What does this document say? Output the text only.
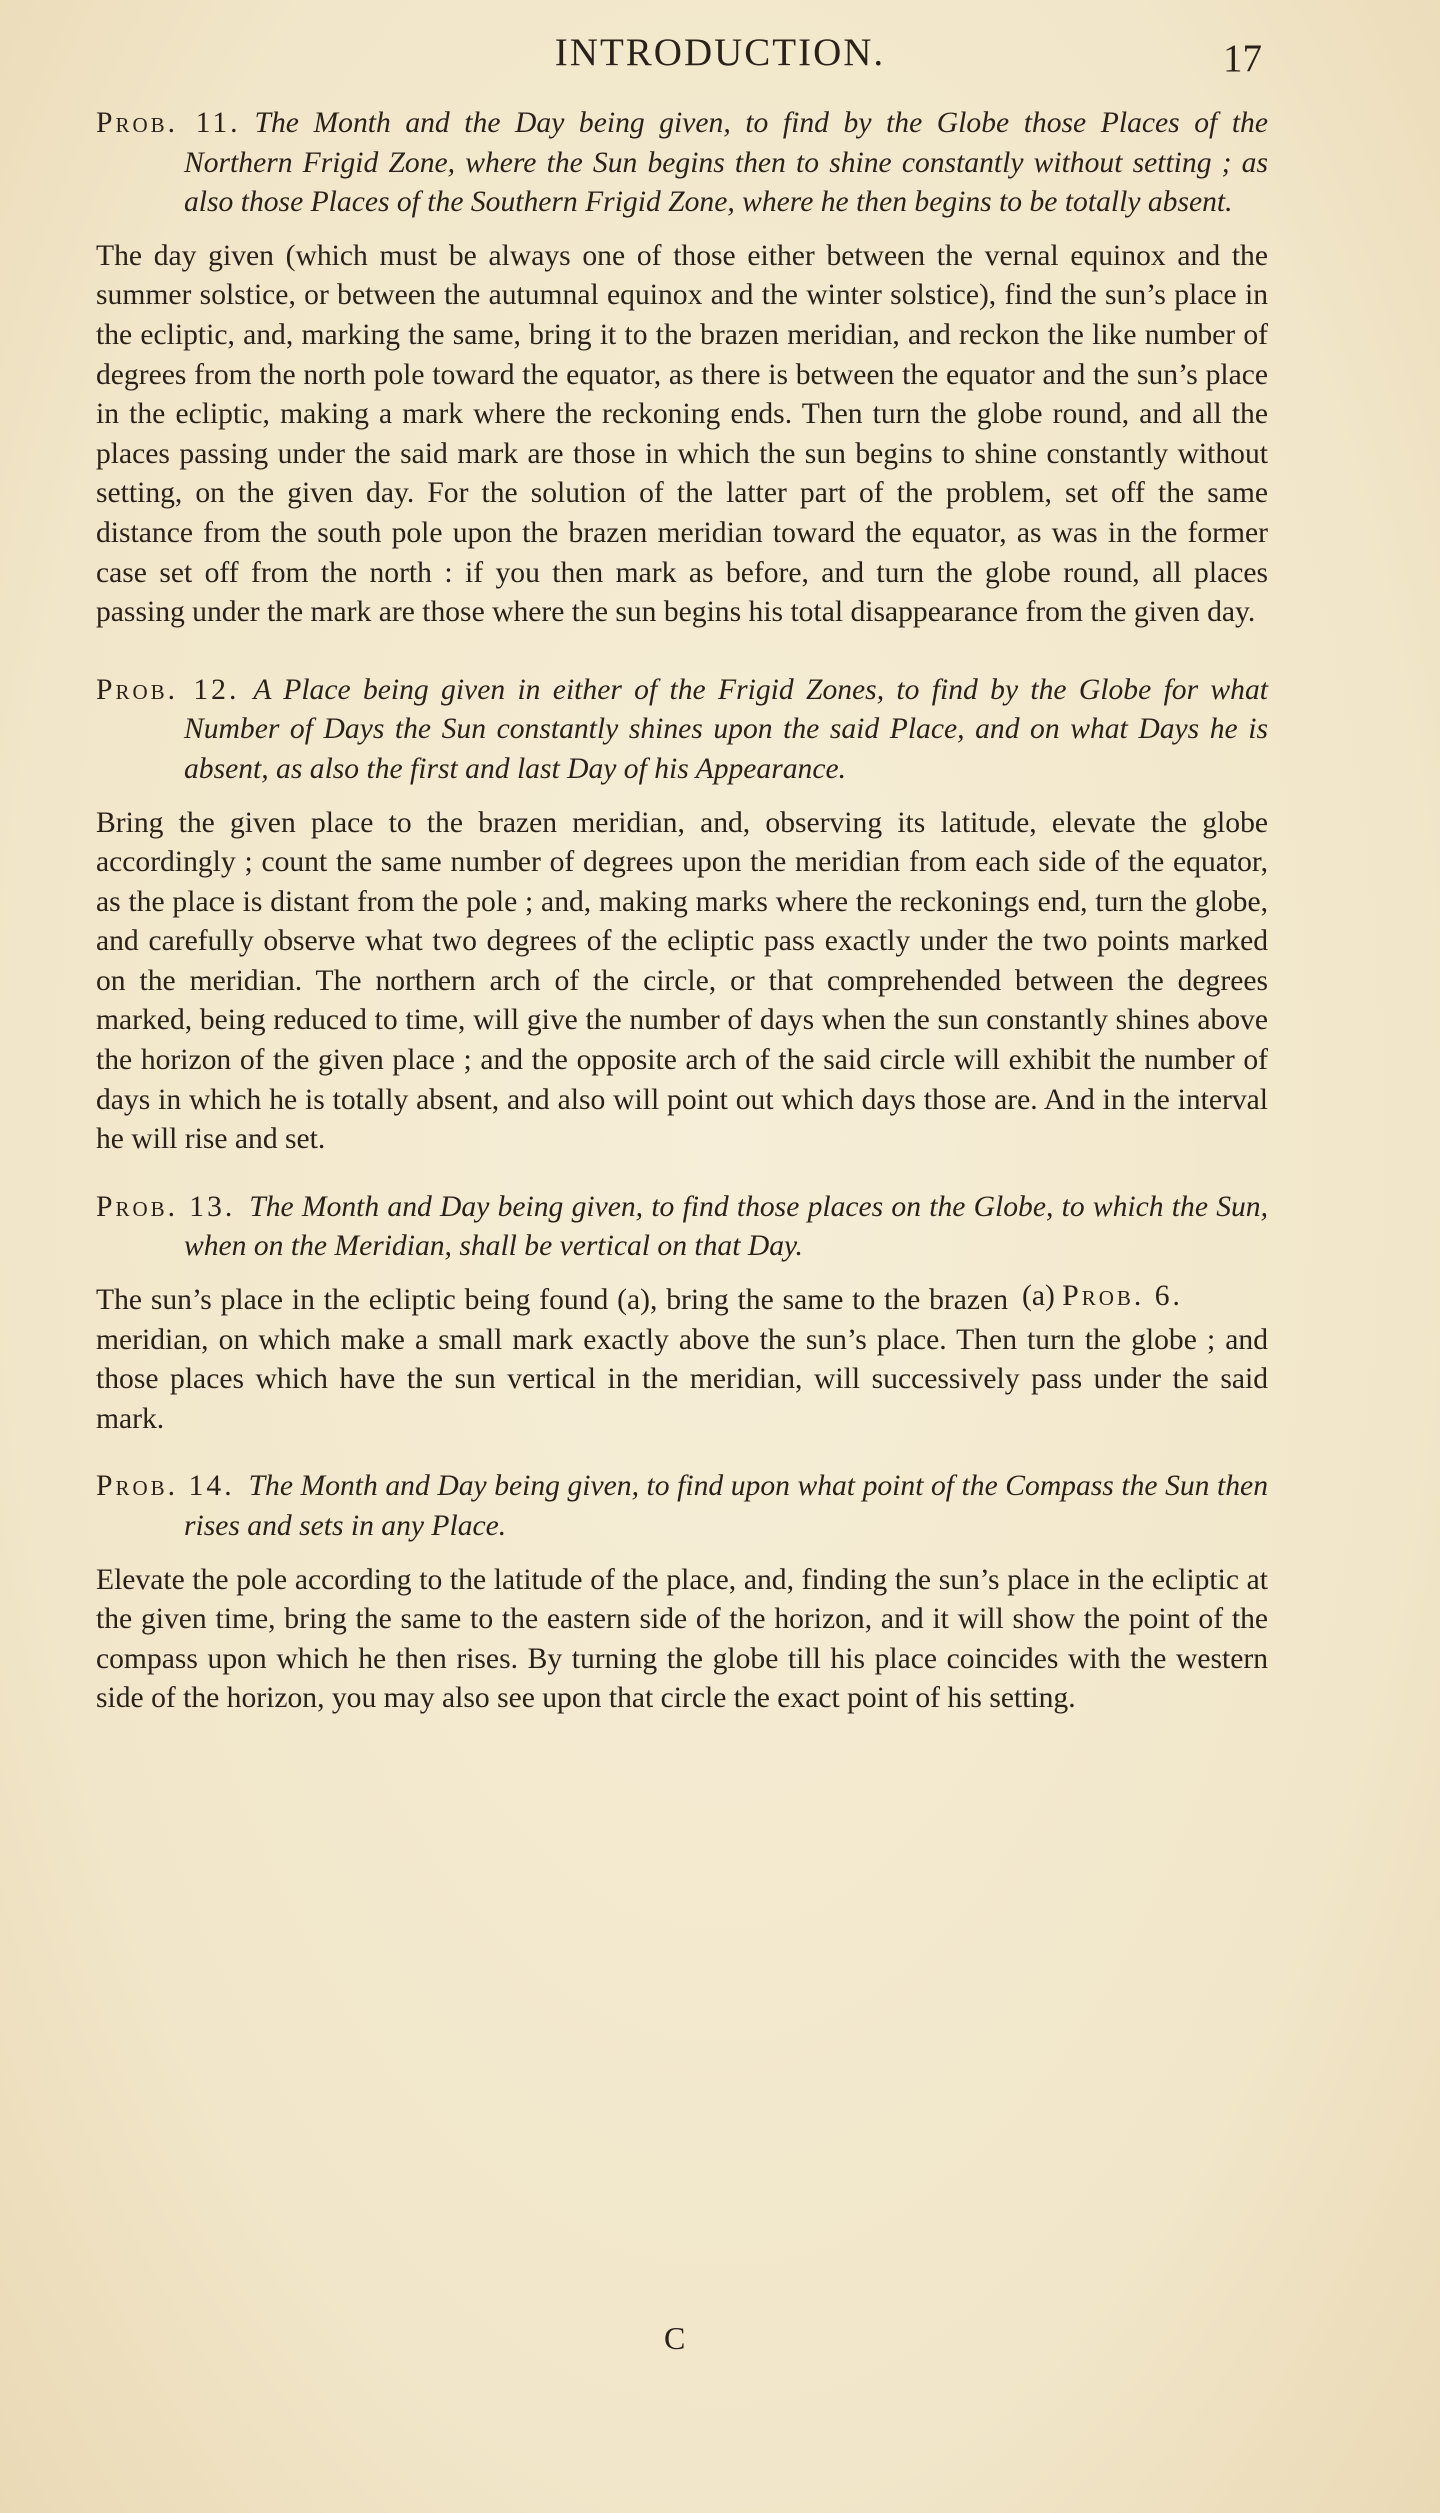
INTRODUCTION.	17

Prob. 11. The Month and the Day being given, to find by the Globe those Places of the Northern Frigid Zone, where the Sun begins then to shine constantly without setting ; as also those Places of the Southern Frigid Zone, where he then begins to be totally absent.

The day given (which must be always one of those either between the vernal equinox and the summer solstice, or between the autumnal equinox and the winter solstice), find the sun’s place in the ecliptic, and, marking the same, bring it to the brazen meridian, and reckon the like number of degrees from the north pole toward the equator, as there is between the equator and the sun’s place in the ecliptic, making a mark where the reckoning ends. Then turn the globe round, and all the places passing under the said mark are those in which the sun begins to shine constantly without setting, on the given day. For the solution of the latter part of the problem, set off the same distance from the south pole upon the brazen meridian toward the equator, as was in the former case set off from the north : if you then mark as before, and turn the globe round, all places passing under the mark are those where the sun begins his total disappearance from the given day.

Prob. 12. A Place being given in either of the Frigid Zones, to find by the Globe for what Number of Days the Sun constantly shines upon the said Place, and on what Days he is absent, as also the first and last Day of his Appearance.

Bring the given place to the brazen meridian, and, observing its latitude, elevate the globe accordingly ; count the same number of degrees upon the meridian from each side of the equator, as the place is distant from the pole ; and, making marks where the reckonings end, turn the globe, and carefully observe what two degrees of the ecliptic pass exactly under the two points marked on the meridian. The northern arch of the circle, or that comprehended between the degrees marked, being reduced to time, will give the number of days when the sun constantly shines above the horizon of the given place ; and the opposite arch of the said circle will exhibit the number of days in which he is totally absent, and also will point out which days those are. And in the interval he will rise and set.

Prob. 13. The Month and Day being given, to find those places on the Globe, to which the Sun, when on the Meridian, shall be vertical on that Day.

(a) Prob. 6.

The sun’s place in the ecliptic being found (a), bring the same to the brazen meridian, on which make a small mark exactly above the sun’s place. Then turn the globe ; and those places which have the sun vertical in the meridian, will successively pass under the said mark.

Prob. 14. The Month and Day being given, to find upon what point of the Compass the Sun then rises and sets in any Place.

Elevate the pole according to the latitude of the place, and, finding the sun’s place in the ecliptic at the given time, bring the same to the eastern side of the horizon, and it will show the point of the compass upon which he then rises. By turning the globe till his place coincides with the western side of the horizon, you may also see upon that circle the exact point of his setting.

C
